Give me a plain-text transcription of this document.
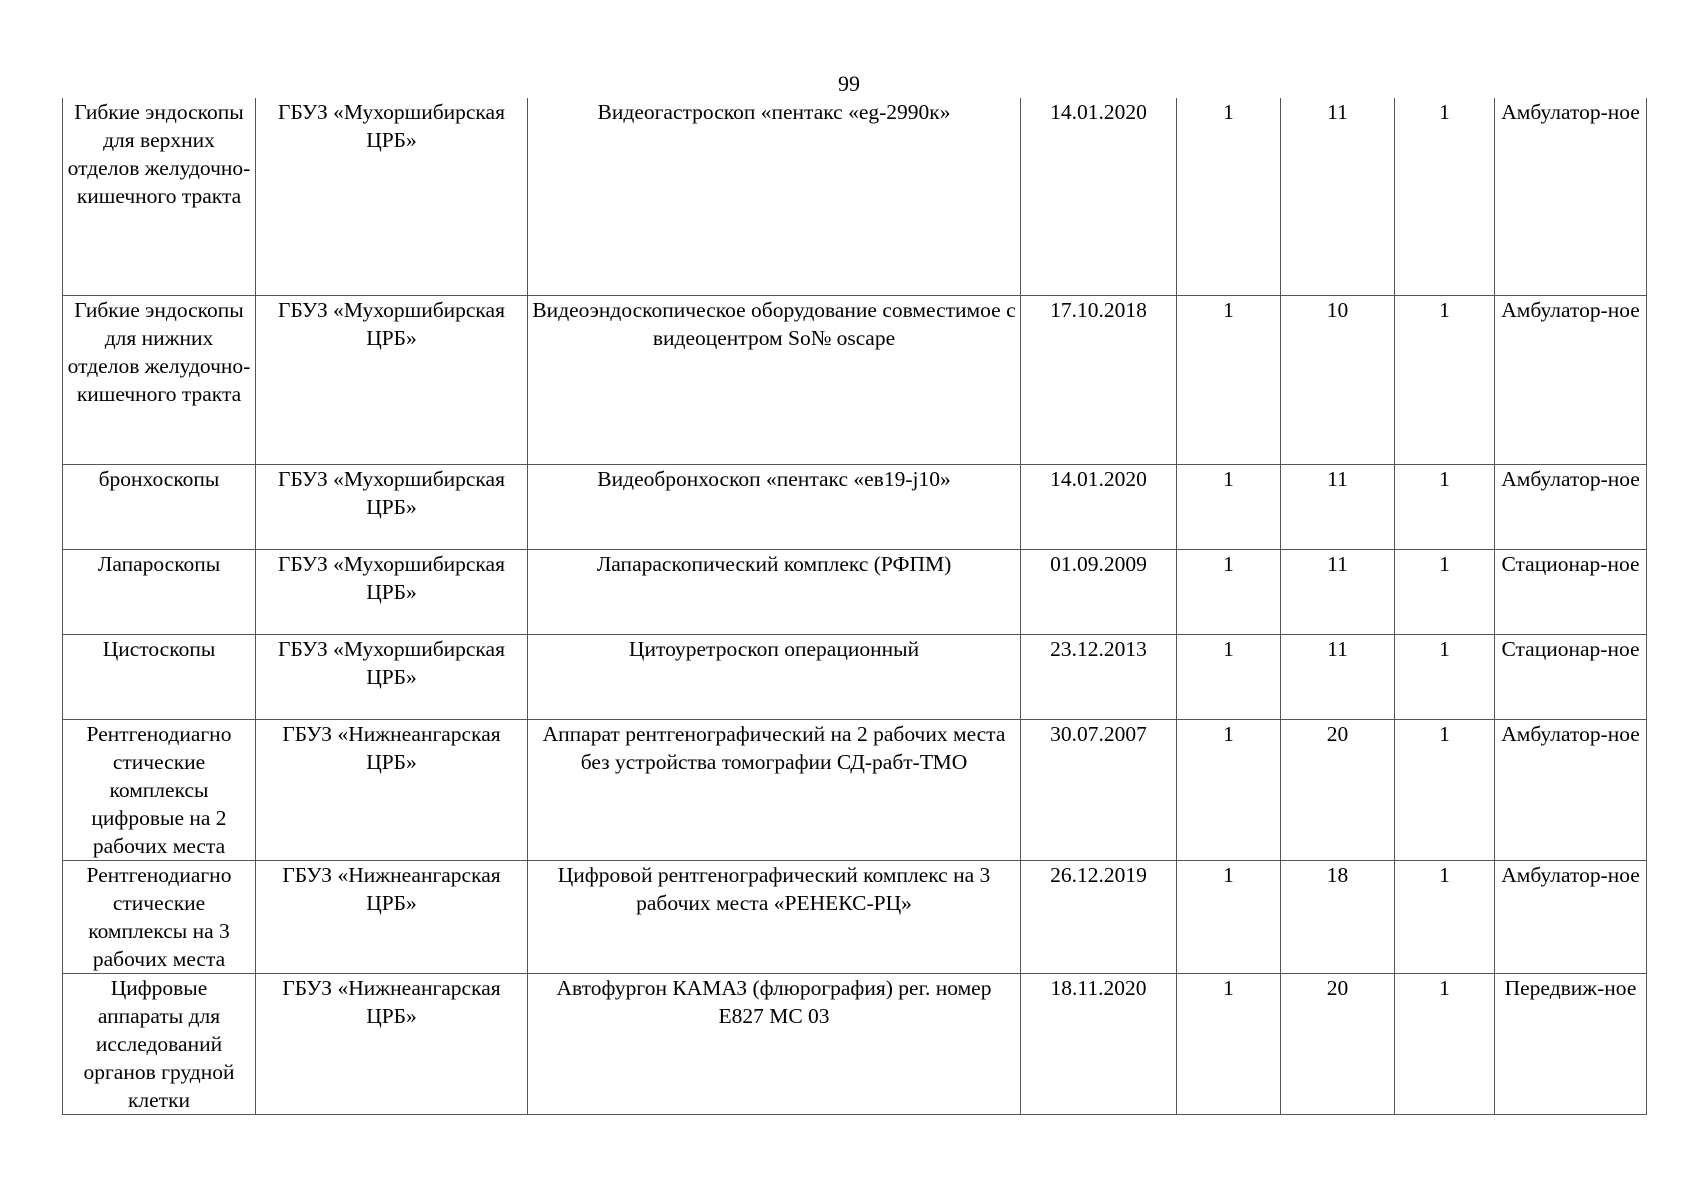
99
Гибкие эндоскопы для верхних отделов желудочно-кишечного тракта	ГБУЗ «Мухоршибирская ЦРБ»	Видеогастроскоп «пентакс «eg-2990к»	14.01.2020	1	11	1	Амбулатор-ное
Гибкие эндоскопы для нижних отделов желудочно-кишечного тракта	ГБУЗ «Мухоршибирская ЦРБ»	Видеоэндоскопическое оборудование совместимое с видеоцентром So№ oscape	17.10.2018	1	10	1	Амбулатор-ное
бронхоскопы	ГБУЗ «Мухоршибирская ЦРБ»	Видеобронхоскоп «пентакс «ев19-j10»	14.01.2020	1	11	1	Амбулатор-ное
Лапароскопы	ГБУЗ «Мухоршибирская ЦРБ»	Лапараскопический комплекс (РФПМ)	01.09.2009	1	11	1	Стационар-ное
Цистоскопы	ГБУЗ «Мухоршибирская ЦРБ»	Цитоуретроскоп операционный	23.12.2013	1	11	1	Стационар-ное
Рентгенодиагно стические комплексы цифровые на 2 рабочих места	ГБУЗ «Нижнеангарская ЦРБ»	Аппарат рентгенографический на 2 рабочих места без устройства томографии СД-рабт-ТМО	30.07.2007	1	20	1	Амбулатор-ное
Рентгенодиагно стические комплексы на 3 рабочих места	ГБУЗ «Нижнеангарская ЦРБ»	Цифровой рентгенографический комплекс на 3 рабочих места «РЕНЕКС-РЦ»	26.12.2019	1	18	1	Амбулатор-ное
Цифровые аппараты для исследований органов грудной клетки	ГБУЗ «Нижнеангарская ЦРБ»	Автофургон КАМАЗ (флюрография) рег. номер Е827 МС 03	18.11.2020	1	20	1	Передвиж-ное
